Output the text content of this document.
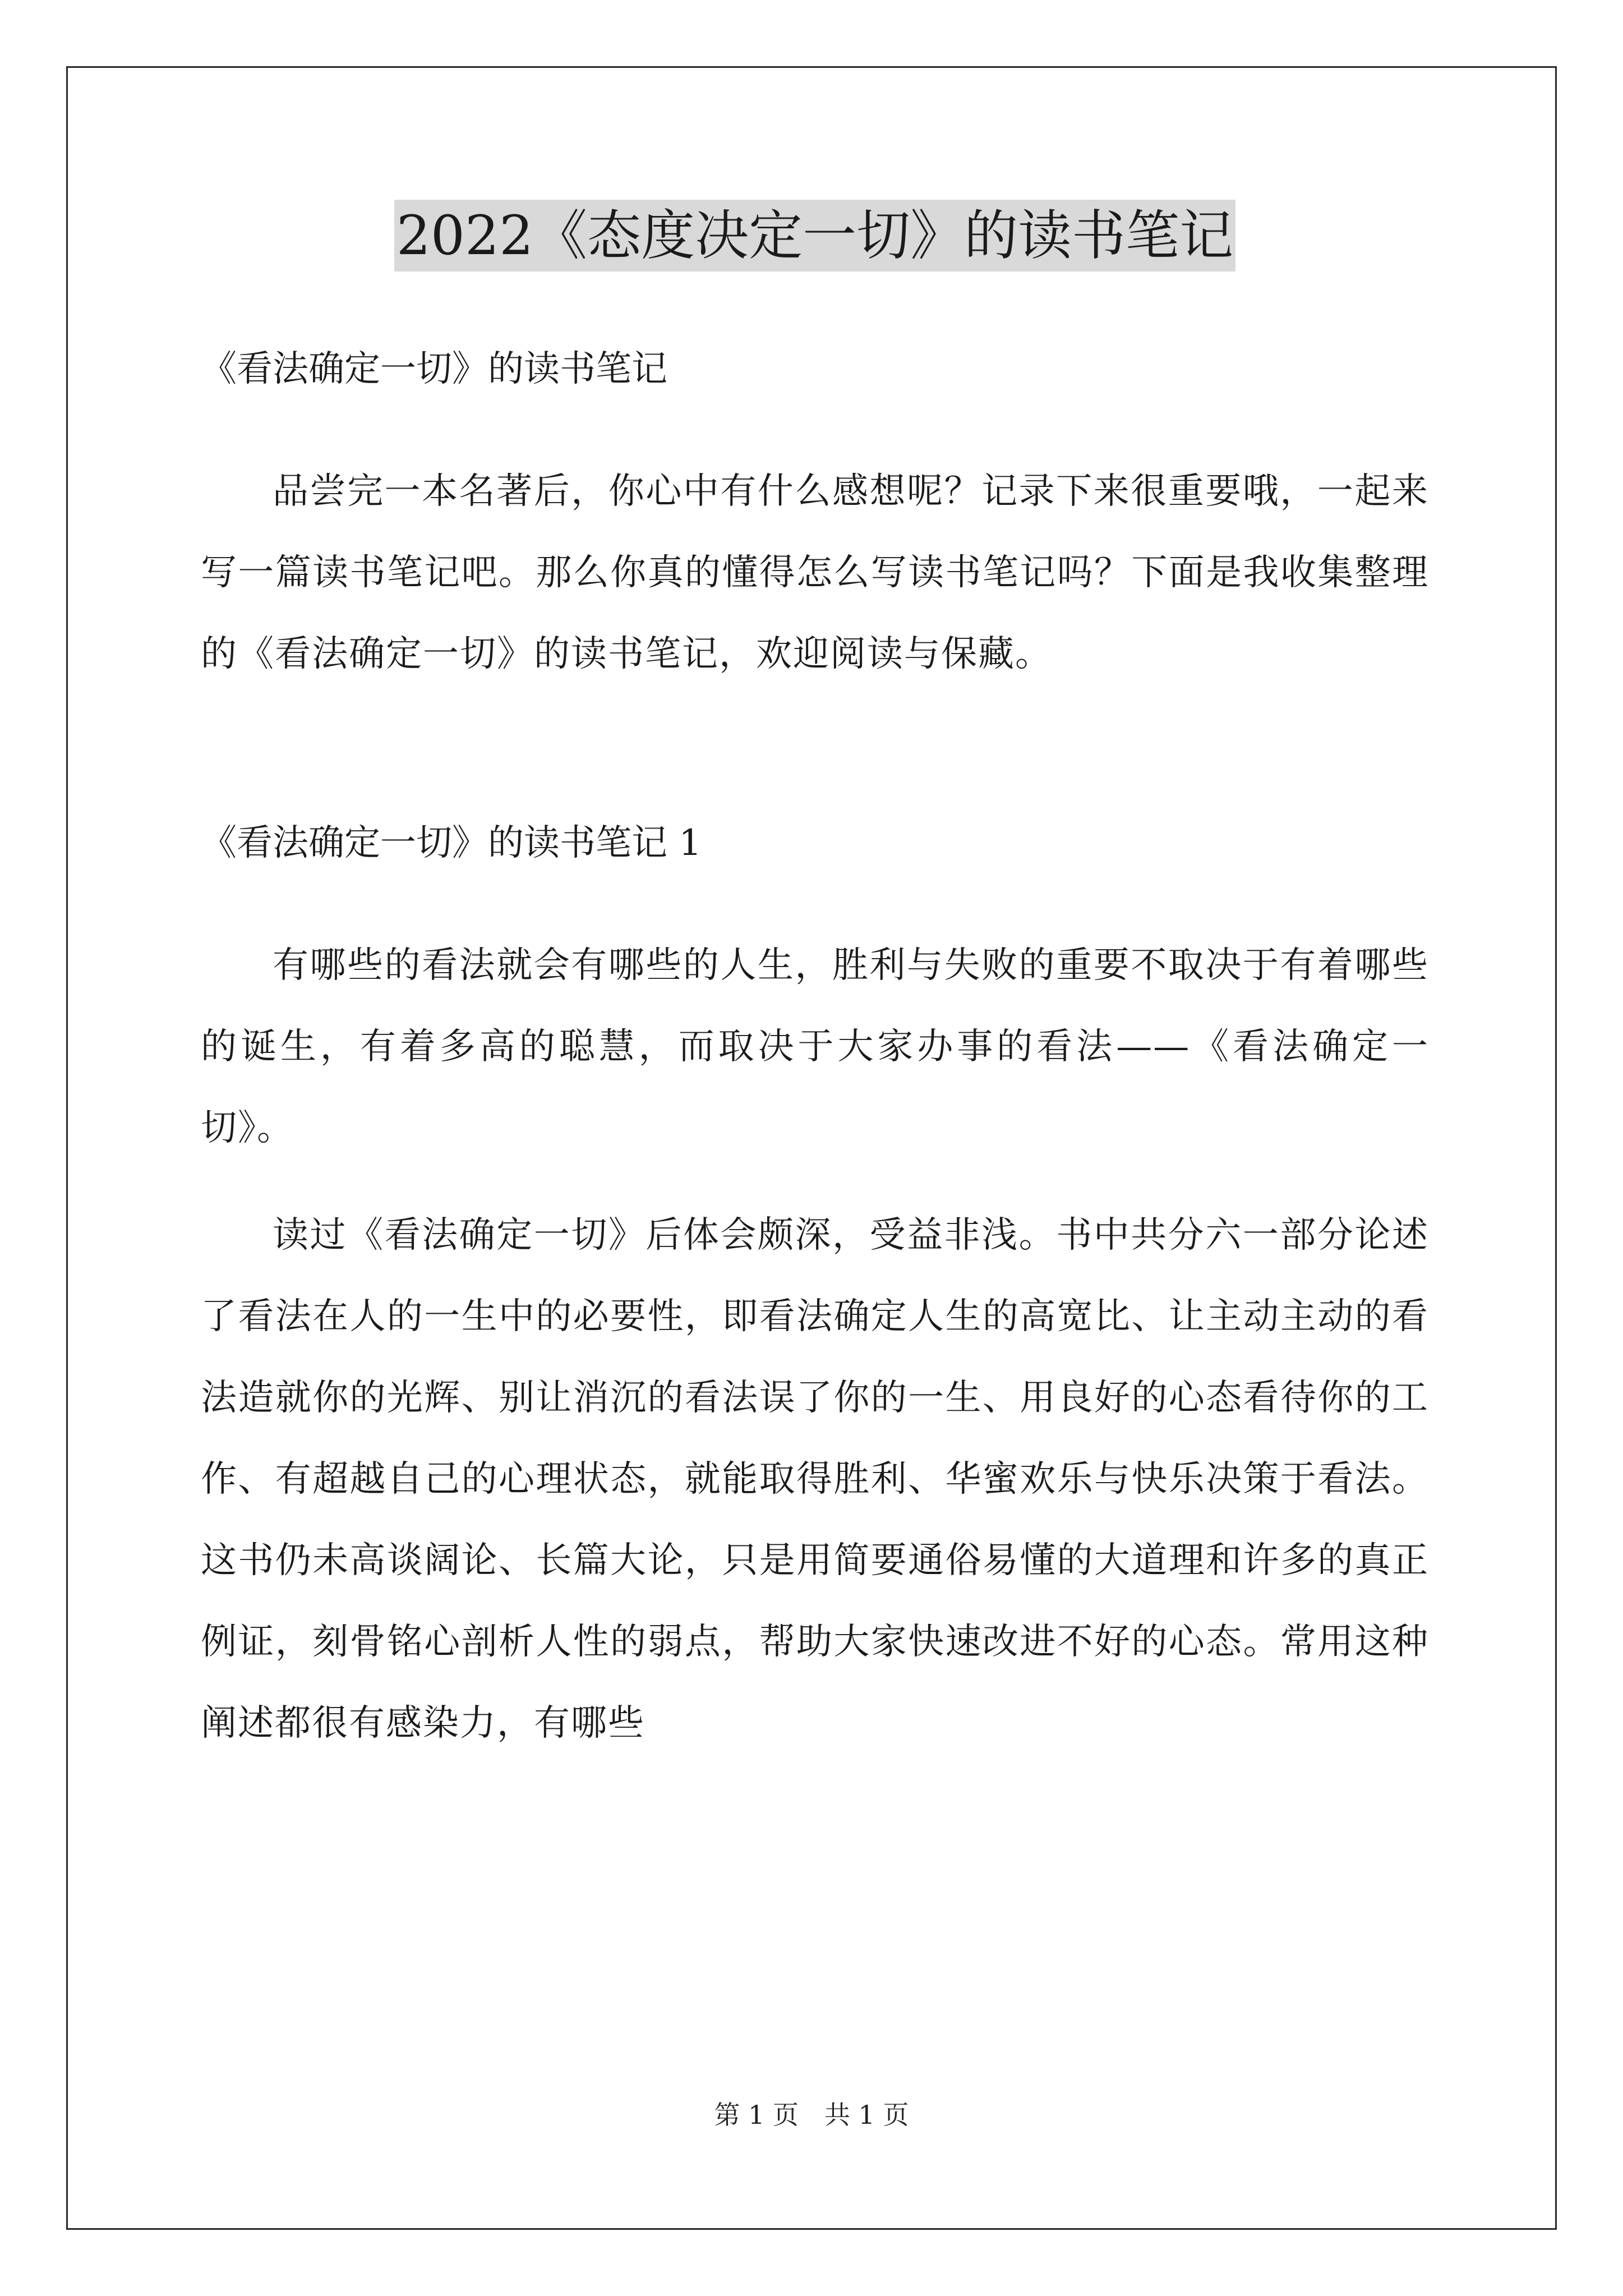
2022《态度决定一切》的读书笔记

《看法确定一切》的读书笔记

品尝完一本名著后，你心中有什么感想呢？记录下来很重要哦，一起来写一篇读书笔记吧。那么你真的懂得怎么写读书笔记吗？下面是我收集整理的《看法确定一切》的读书笔记，欢迎阅读与保藏。

《看法确定一切》的读书笔记 1

有哪些的看法就会有哪些的人生，胜利与失败的重要不取决于有着哪些的诞生，有着多高的聪慧，而取决于大家办事的看法——《看法确定一切》。

读过《看法确定一切》后体会颇深，受益非浅。书中共分六一部分论述了看法在人的一生中的必要性，即看法确定人生的高宽比、让主动主动的看法造就你的光辉、别让消沉的看法误了你的一生、用良好的心态看待你的工作、有超越自己的心理状态，就能取得胜利、华蜜欢乐与快乐决策于看法。这书仍未高谈阔论、长篇大论，只是用简要通俗易懂的大道理和许多的真正例证，刻骨铭心剖析人性的弱点，帮助大家快速改进不好的心态。常用这种阐述都很有感染力，有哪些

第 1 页　共 1 页
